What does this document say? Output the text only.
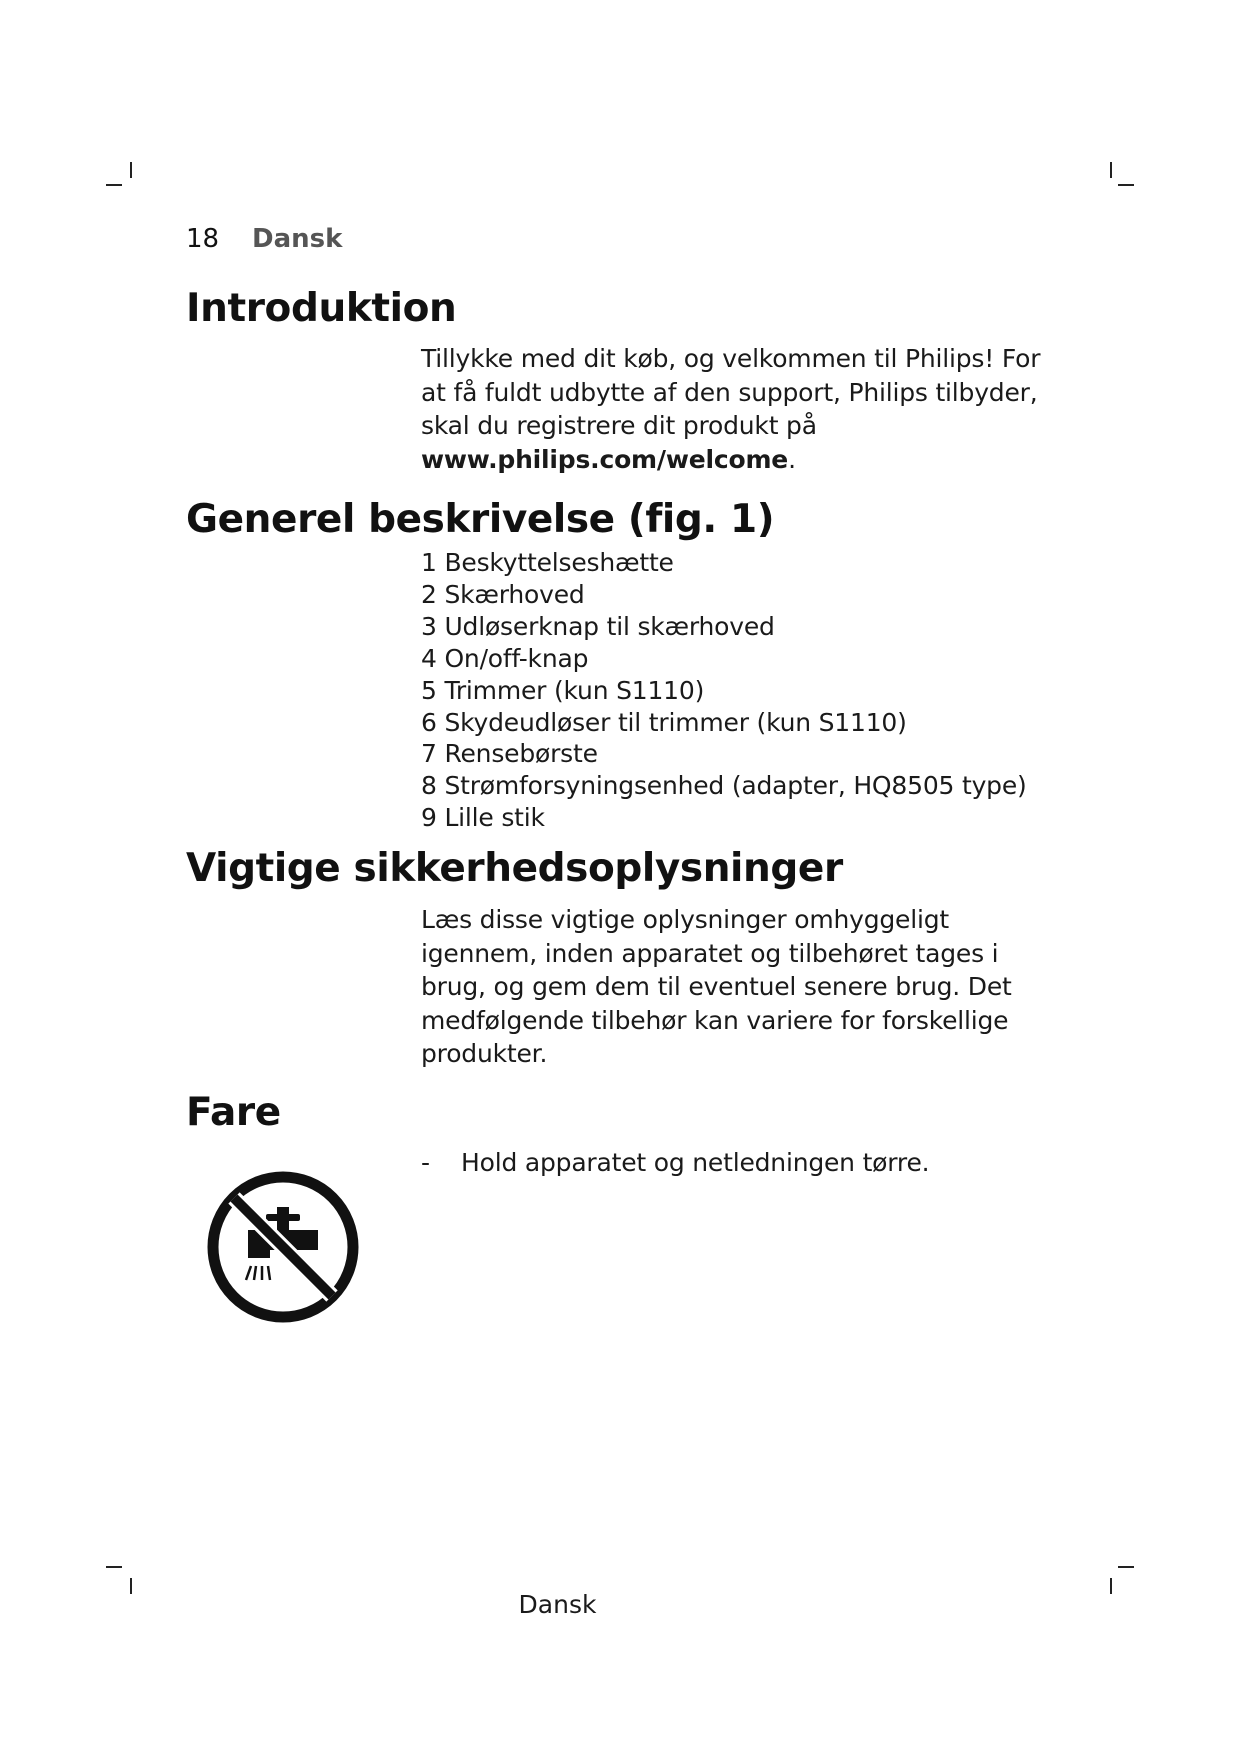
18	Dansk
Introduktion

Tillykke med dit køb, og velkommen til Philips! For at få fuldt udbytte af den support, Philips tilbyder, skal du registrere dit produkt på www.philips.com/welcome.

Generel beskrivelse (fig. 1)
1 Beskyttelseshætte
2 Skærhoved
3 Udløserknap til skærhoved
4 On/off-knap
5 Trimmer (kun S1110)
6 Skydeudløser til trimmer (kun S1110)
7 Rensebørste
8 Strømforsyningsenhed (adapter, HQ8505 type)
9 Lille stik
Vigtige sikkerhedsoplysninger

Læs disse vigtige oplysninger omhyggeligt igennem, inden apparatet og tilbehøret tages i brug, og gem dem til eventuel senere brug. Det medfølgende tilbehør kan variere for forskellige produkter.

Fare
-	Hold apparatet og netledningen tørre.
Dansk
